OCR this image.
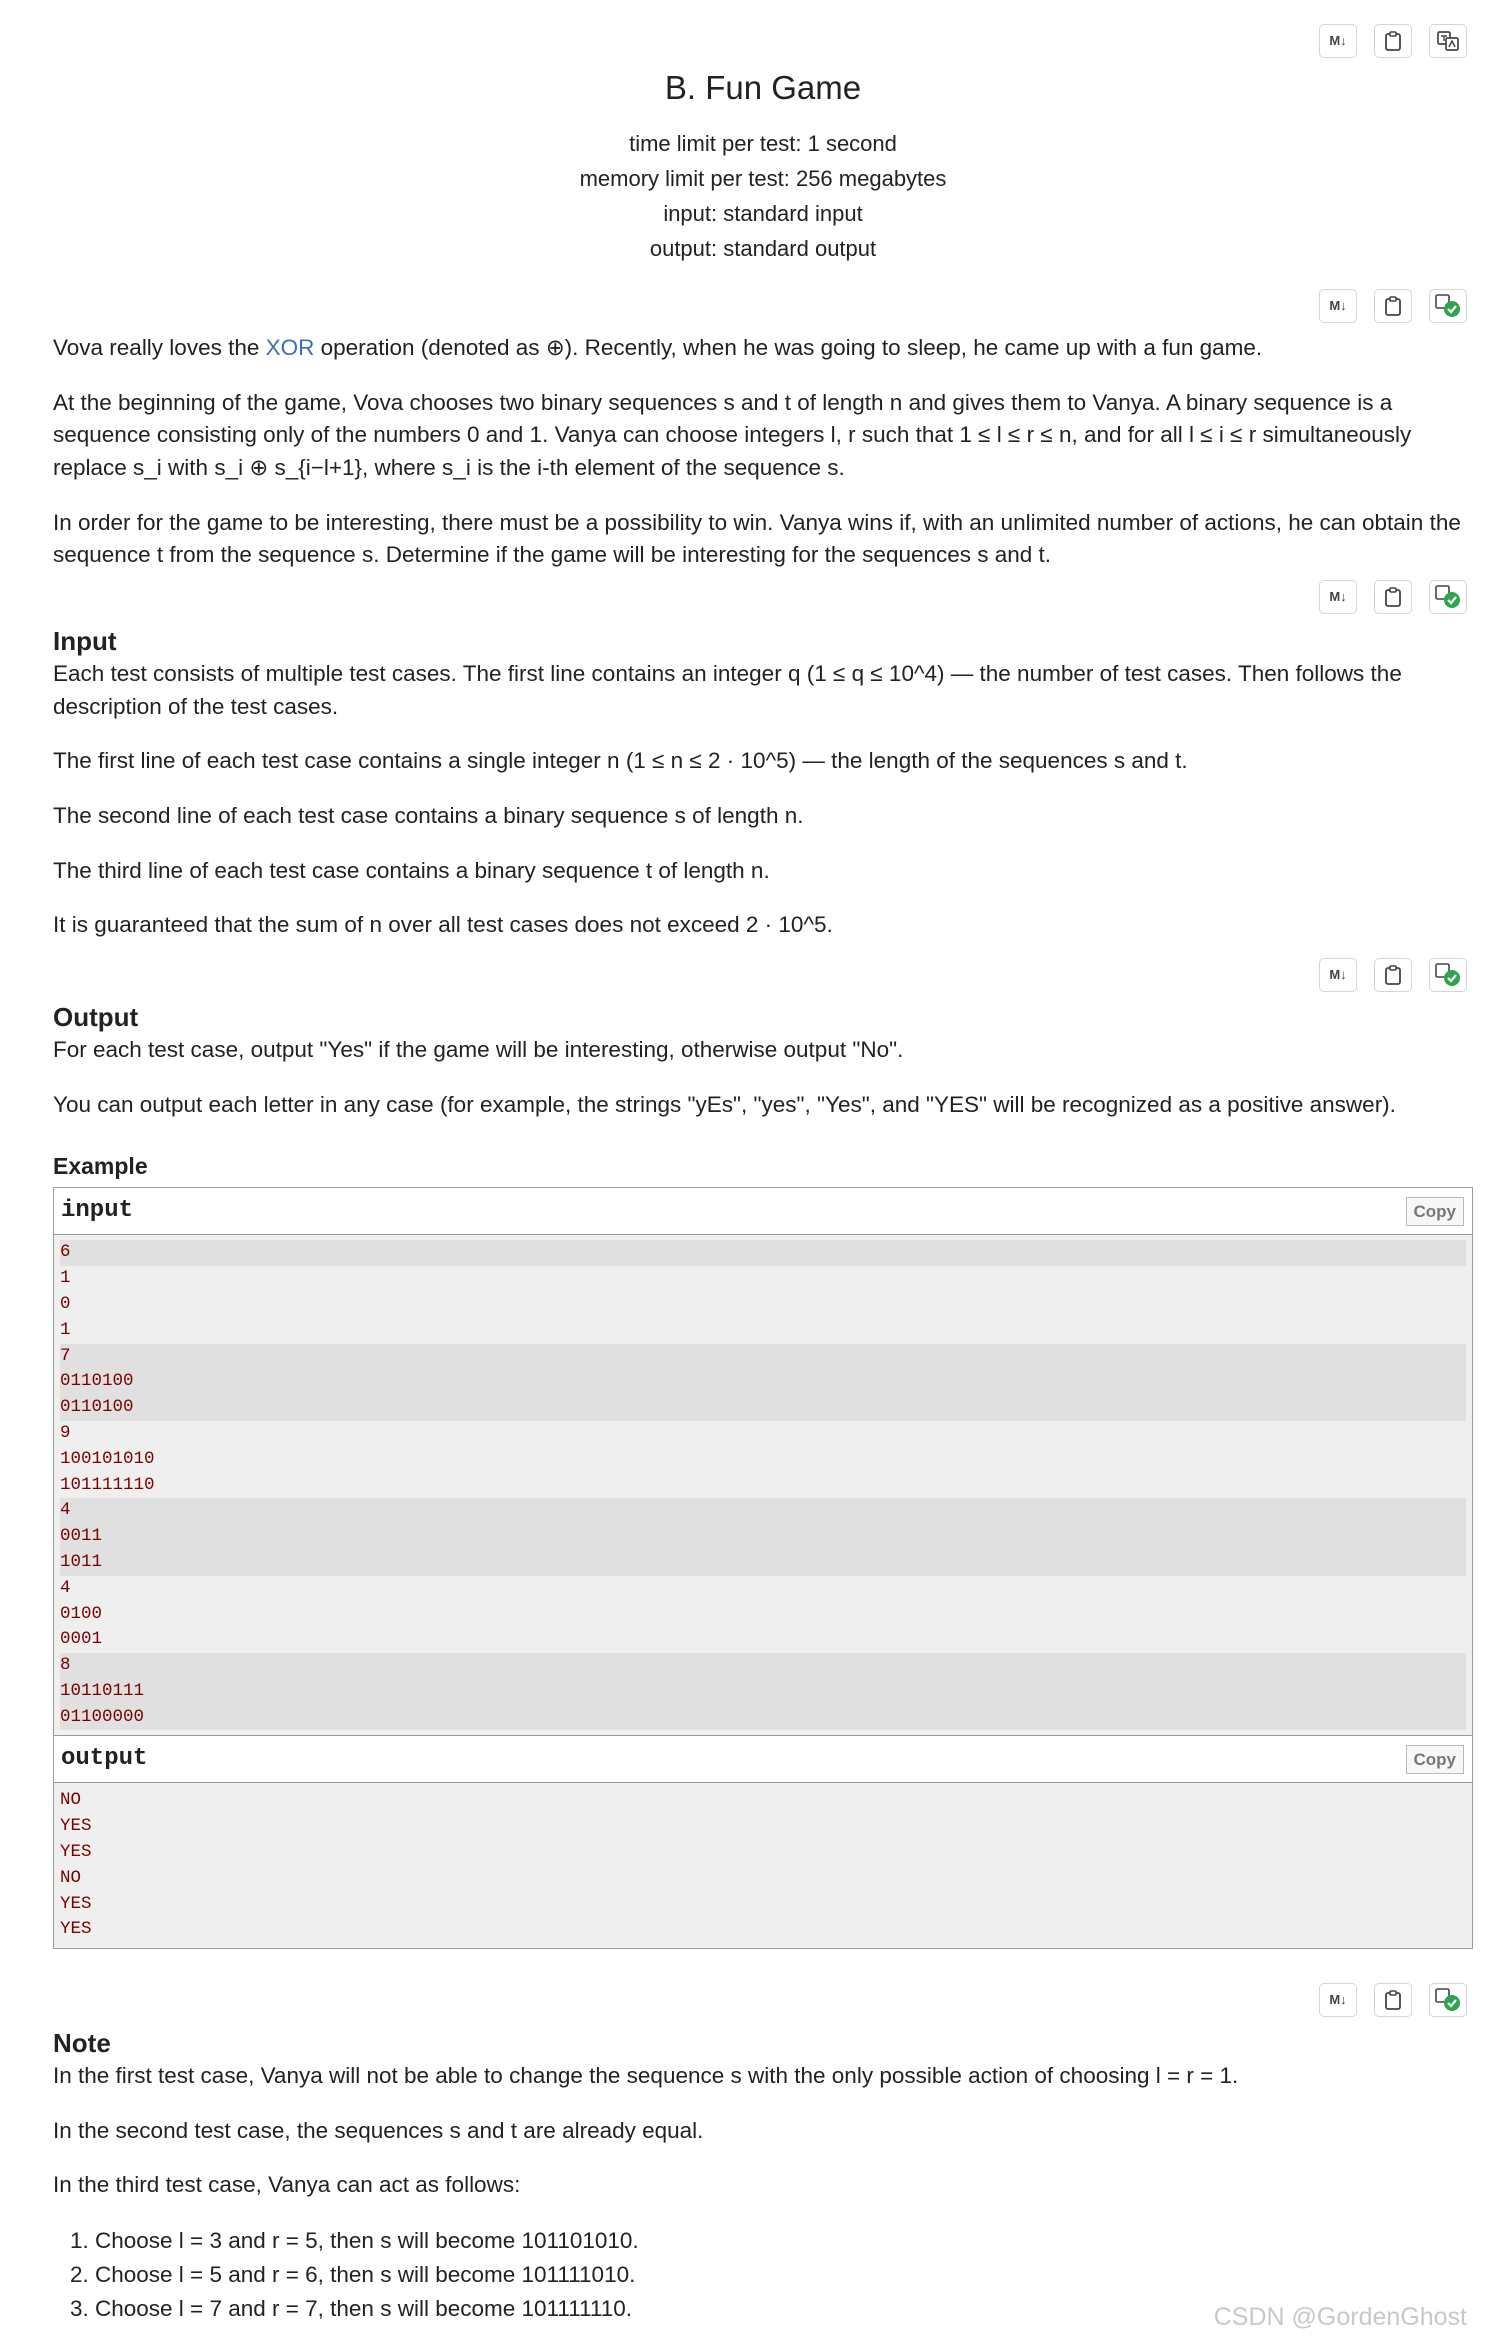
M↓
B. Fun Game
time limit per test: 1 second
memory limit per test: 256 megabytes
input: standard input
output: standard output
M↓

Vova really loves the XOR operation (denoted as ⊕). Recently, when he was going to sleep, he came up with a fun game.

At the beginning of the game, Vova chooses two binary sequences s and t of length n and gives them to Vanya. A binary sequence is a sequence consisting only of the numbers 0 and 1. Vanya can choose integers l, r such that 1 ≤ l ≤ r ≤ n, and for all l ≤ i ≤ r simultaneously replace s_i with s_i ⊕ s_{i−l+1}, where s_i is the i-th element of the sequence s.

In order for the game to be interesting, there must be a possibility to win. Vanya wins if, with an unlimited number of actions, he can obtain the sequence t from the sequence s. Determine if the game will be interesting for the sequences s and t.

M↓
Input

Each test consists of multiple test cases. The first line contains an integer q (1 ≤ q ≤ 10^4) — the number of test cases. Then follows the description of the test cases.

The first line of each test case contains a single integer n (1 ≤ n ≤ 2 · 10^5) — the length of the sequences s and t.

The second line of each test case contains a binary sequence s of length n.

The third line of each test case contains a binary sequence t of length n.

It is guaranteed that the sum of n over all test cases does not exceed 2 · 10^5.

M↓
Output

For each test case, output "Yes" if the game will be interesting, otherwise output "No".

You can output each letter in any case (for example, the strings "yEs", "yes", "Yes", and "YES" will be recognized as a positive answer).

Example
input	Copy
6
1
0
1
7
0110100
0110100
9
100101010
101111110
4
0011
1011
4
0100
0001
8
10110111
01100000
output	Copy
NO
YES
YES
NO
YES
YES
M↓
Note

In the first test case, Vanya will not be able to change the sequence s with the only possible action of choosing l = r = 1.

In the second test case, the sequences s and t are already equal.

In the third test case, Vanya can act as follows:

1. Choose l = 3 and r = 5, then s will become 101101010.
2. Choose l = 5 and r = 6, then s will become 101111010.
3. Choose l = 7 and r = 7, then s will become 101111110.	CSDN @GordenGhost
